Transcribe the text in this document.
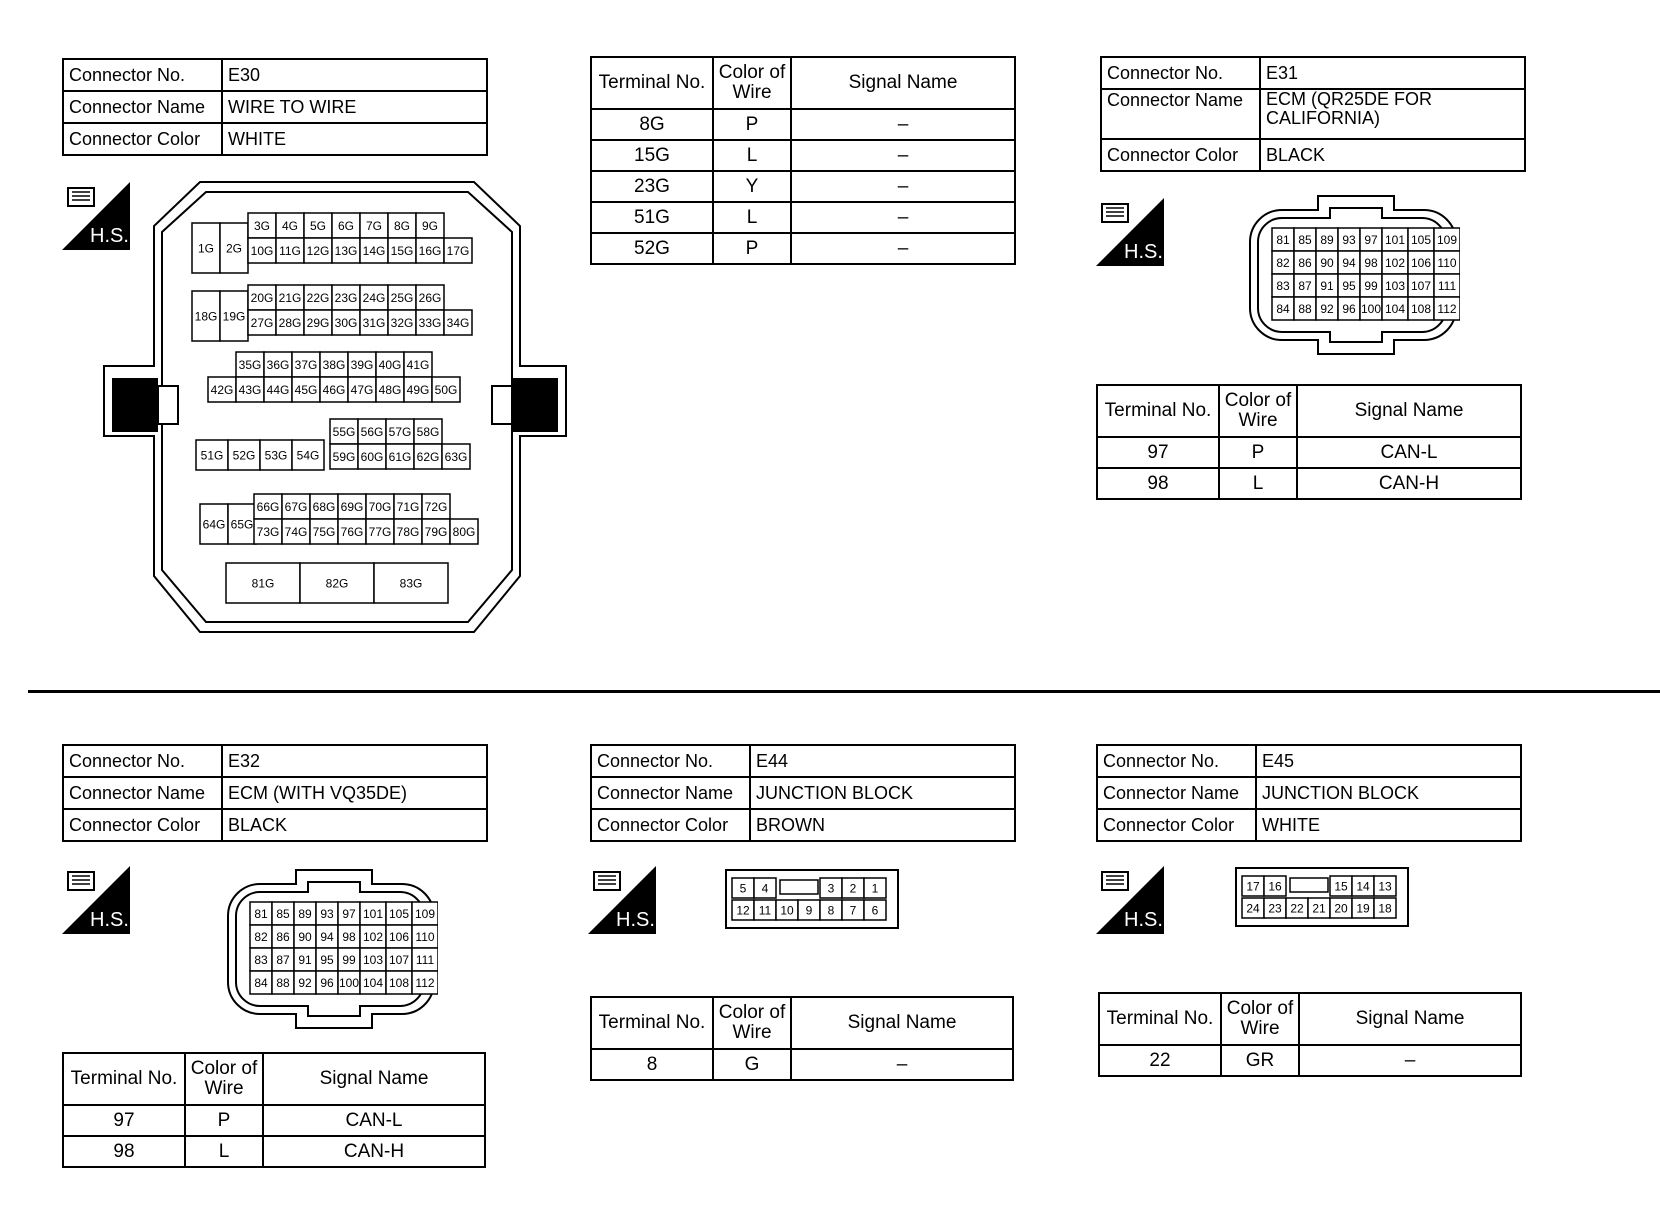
Connector No.	E30
Connector Name	WIRE TO WIRE
Connector Color	WHITE
H.S.
1G 2G
3G 4G 5G 6G 7G 8G 9G
10G 11G 12G 13G 14G 15G 16G 17G
18G 19G
20G 21G 22G 23G 24G 25G 26G
27G 28G 29G 30G 31G 32G 33G 34G
35G 36G 37G 38G 39G 40G 41G
42G 43G 44G 45G 46G 47G 48G 49G 50G
51G 52G 53G 54G
55G 56G 57G 58G
59G 60G 61G 62G 63G
64G 65G
66G 67G 68G 69G 70G 71G 72G
73G 74G 75G 76G 77G 78G 79G 80G
81G	82G	83G
Terminal No.	Color of Wire	Signal Name
8G	P	–
15G	L	–
23G	Y	–
51G	L	–
52G	P	–
Connector No.	E31
Connector Name	ECM (QR25DE FOR CALIFORNIA)
Connector Color	BLACK
H.S.
81 85 89 93 97 101 105 109
82 86 90 94 98 102 106 110
83 87 91 95 99 103 107 111
84 88 92 96 100 104 108 112
Terminal No.	Color of Wire	Signal Name
97	P	CAN-L
98	L	CAN-H
Connector No.	E32
Connector Name	ECM (WITH VQ35DE)
Connector Color	BLACK
H.S.	81 85 89 93 97 101 105 109
82 86 90 94 98 102 106 110
83 87 91 95 99 103 107 111
84 88 92 96 100 104 108 112
Terminal No.	Color of Wire	Signal Name
97	P	CAN-L
98	L	CAN-H
Connector No.	E44
Connector Name	JUNCTION BLOCK
Connector Color	BROWN
H.S.
5 4	3 2 1
12 11 10 9 8 7 6
Terminal No.	Color of Wire	Signal Name
8	G	–
Connector No.	E45
Connector Name	JUNCTION BLOCK
Connector Color	WHITE
H.S.
17 16	15 14 13
24 23 22 21 20 19 18
Terminal No.	Color of Wire	Signal Name
22	GR	–
